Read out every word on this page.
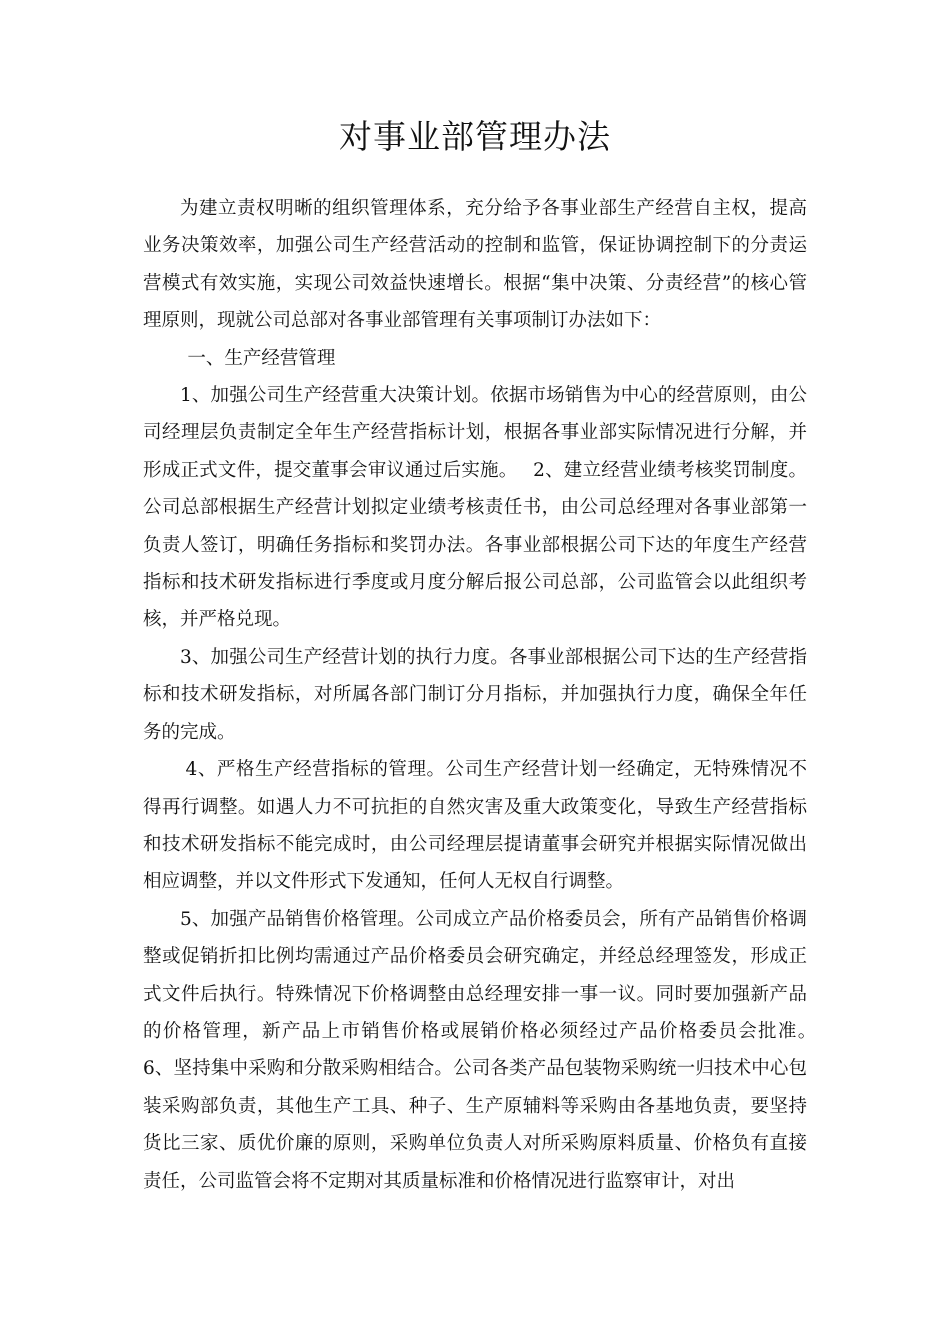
对事业部管理办法

为建立责权明晰的组织管理体系，充分给予各事业部生产经营自主权，提高业务决策效率，加强公司生产经营活动的控制和监管，保证协调控制下的分责运营模式有效实施，实现公司效益快速增长。根据“集中决策、分责经营”的核心管理原则，现就公司总部对各事业部管理有关事项制订办法如下：

一、生产经营管理

1、加强公司生产经营重大决策计划。依据市场销售为中心的经营原则，由公司经理层负责制定全年生产经营指标计划，根据各事业部实际情况进行分解，并形成正式文件，提交董事会审议通过后实施。　 2、建立经营业绩考核奖罚制度。公司总部根据生产经营计划拟定业绩考核责任书，由公司总经理对各事业部第一负责人签订，明确任务指标和奖罚办法。各事业部根据公司下达的年度生产经营指标和技术研发指标进行季度或月度分解后报公司总部，公司监管会以此组织考核，并严格兑现。

3、加强公司生产经营计划的执行力度。各事业部根据公司下达的生产经营指标和技术研发指标，对所属各部门制订分月指标，并加强执行力度，确保全年任务的完成。

4、严格生产经营指标的管理。公司生产经营计划一经确定，无特殊情况不得再行调整。如遇人力不可抗拒的自然灾害及重大政策变化，导致生产经营指标和技术研发指标不能完成时，由公司经理层提请董事会研究并根据实际情况做出相应调整，并以文件形式下发通知，任何人无权自行调整。

5、加强产品销售价格管理。公司成立产品价格委员会，所有产品销售价格调整或促销折扣比例均需通过产品价格委员会研究确定，并经总经理签发，形成正式文件后执行。特殊情况下价格调整由总经理安排一事一议。同时要加强新产品的价格管理，新产品上市销售价格或展销价格必须经过产品价格委员会批准。　 6、坚持集中采购和分散采购相结合。公司各类产品包装物采购统一归技术中心包装采购部负责，其他生产工具、种子、生产原辅料等采购由各基地负责，要坚持货比三家、质优价廉的原则，采购单位负责人对所采购原料质量、价格负有直接责任，公司监管会将不定期对其质量标准和价格情况进行监察审计，对出
